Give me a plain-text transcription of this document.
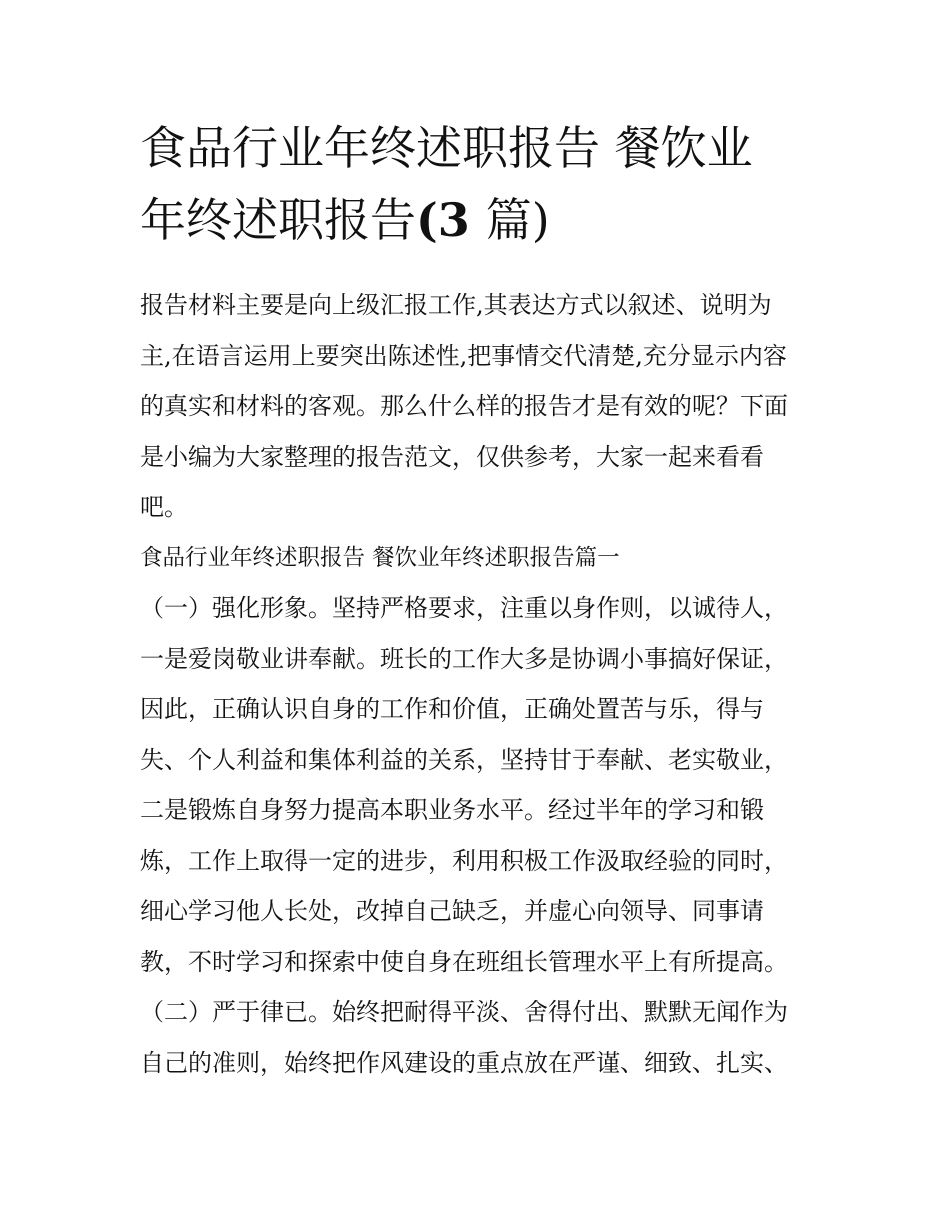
食品行业年终述职报告 餐饮业
年终述职报告(3 篇)

报告材料主要是向上级汇报工作,其表达方式以叙述、说明为

主,在语言运用上要突出陈述性,把事情交代清楚,充分显示内容

的真实和材料的客观。那么什么样的报告才是有效的呢？下面

是小编为大家整理的报告范文，仅供参考，大家一起来看看

吧。

食品行业年终述职报告 餐饮业年终述职报告篇一

（一）强化形象。坚持严格要求，注重以身作则，以诚待人，

一是爱岗敬业讲奉献。班长的工作大多是协调小事搞好保证，

因此，正确认识自身的工作和价值，正确处置苦与乐，得与

失、个人利益和集体利益的关系，坚持甘于奉献、老实敬业，

二是锻炼自身努力提高本职业务水平。经过半年的学习和锻

炼，工作上取得一定的进步，利用积极工作汲取经验的同时，

细心学习他人长处，改掉自己缺乏，并虚心向领导、同事请

教，不时学习和探索中使自身在班组长管理水平上有所提高。

（二）严于律已。始终把耐得平淡、舍得付出、默默无闻作为

自己的准则，始终把作风建设的重点放在严谨、细致、扎实、
